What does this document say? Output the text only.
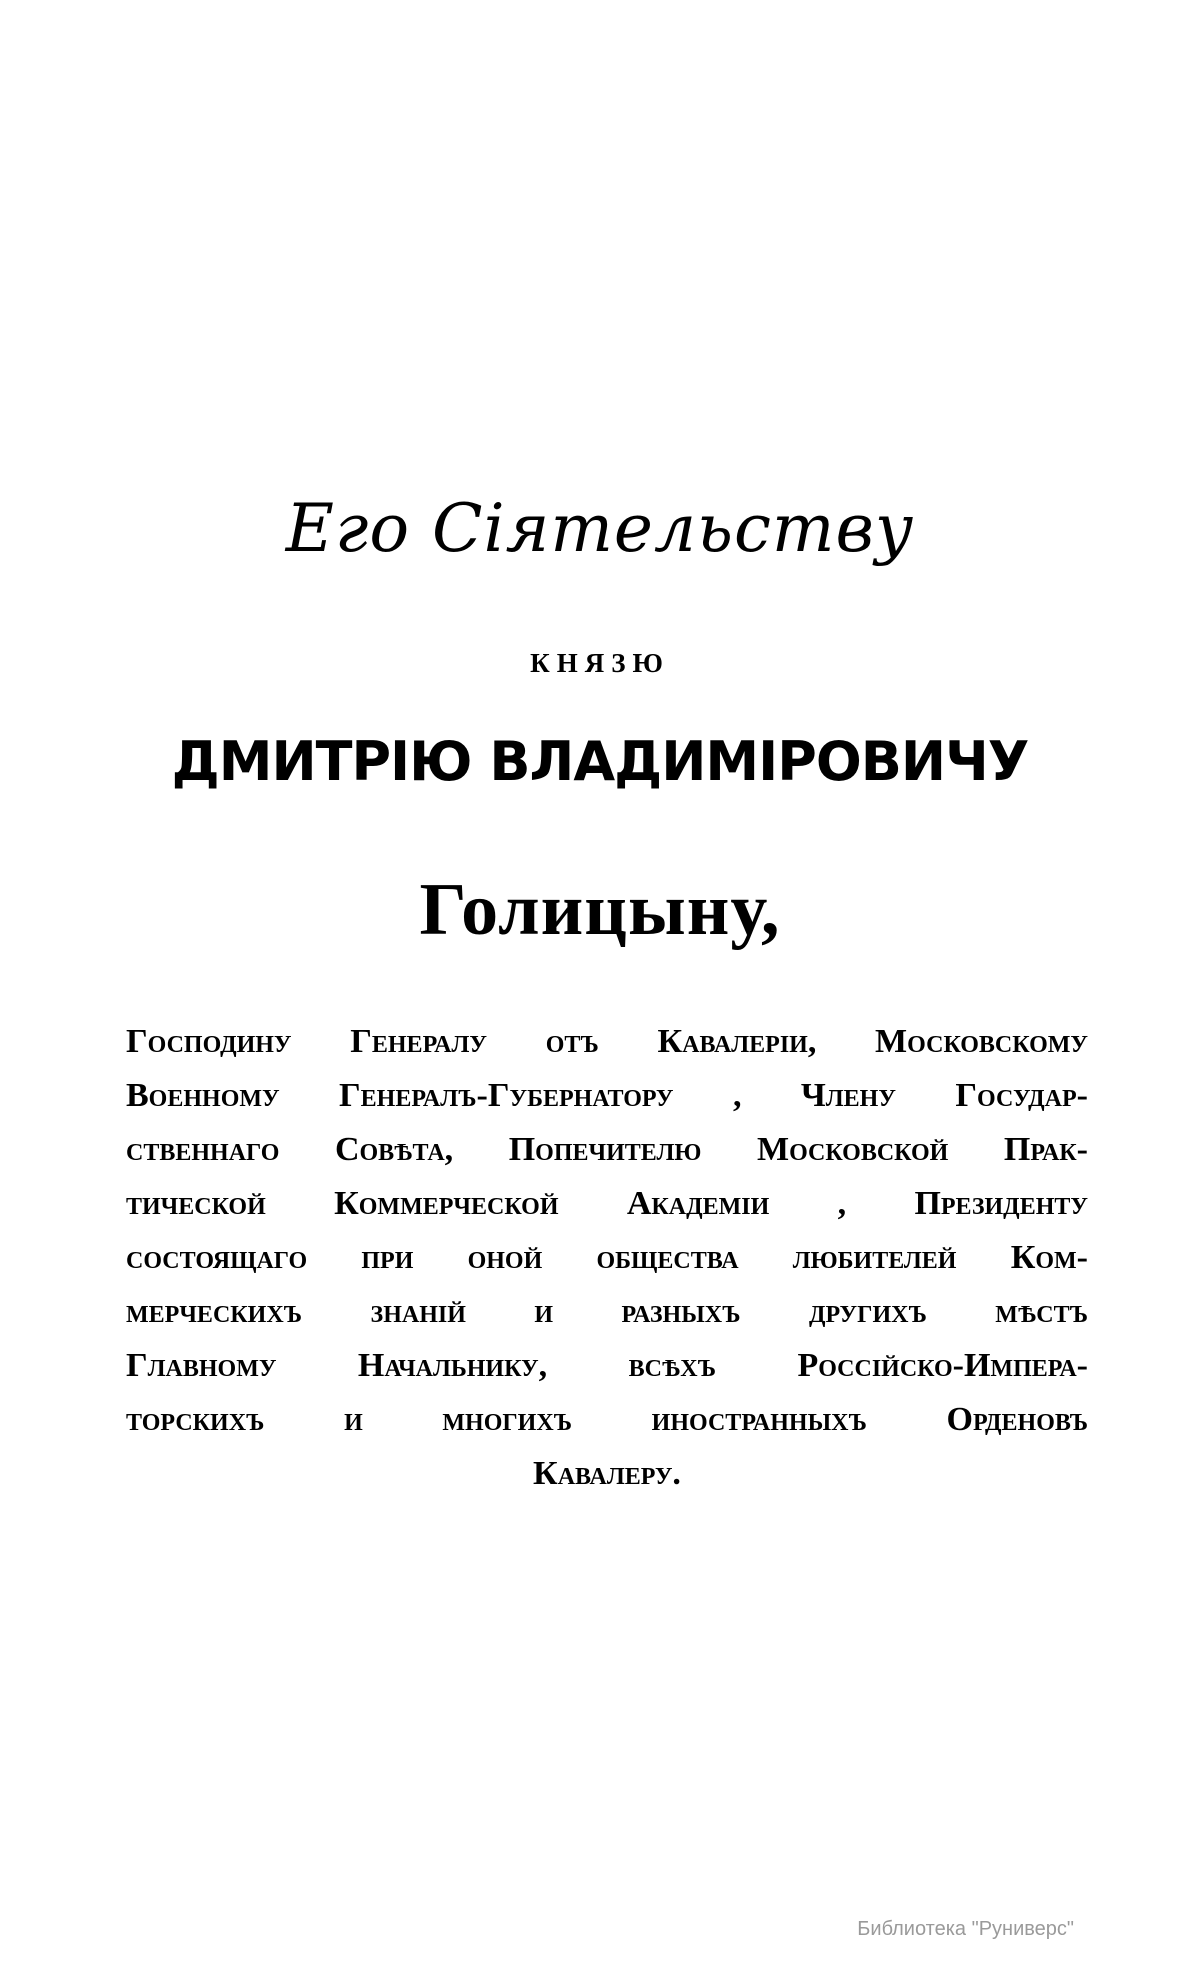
Его Сіятельству
князю
ДМИТРІЮ ВЛАДИМІРОВИЧУ
Голицыну,
Господину Генералу отъ Кавалеріи, Московскому
Военному Генералъ-Губернатору , Члену Государ-
ственнаго Совѣта, Попечителю Московской Прак-
тической Коммерческой Академіи , Президенту
состоящаго при оной общества любителей Ком-
мерческихъ знаній и разныхъ другихъ мѣстъ
Главному Начальнику, всѣхъ Россійско-Импера-
торскихъ и многихъ иностранныхъ Орденовъ
Кавалеру.
Библиотека "Руниверс"
